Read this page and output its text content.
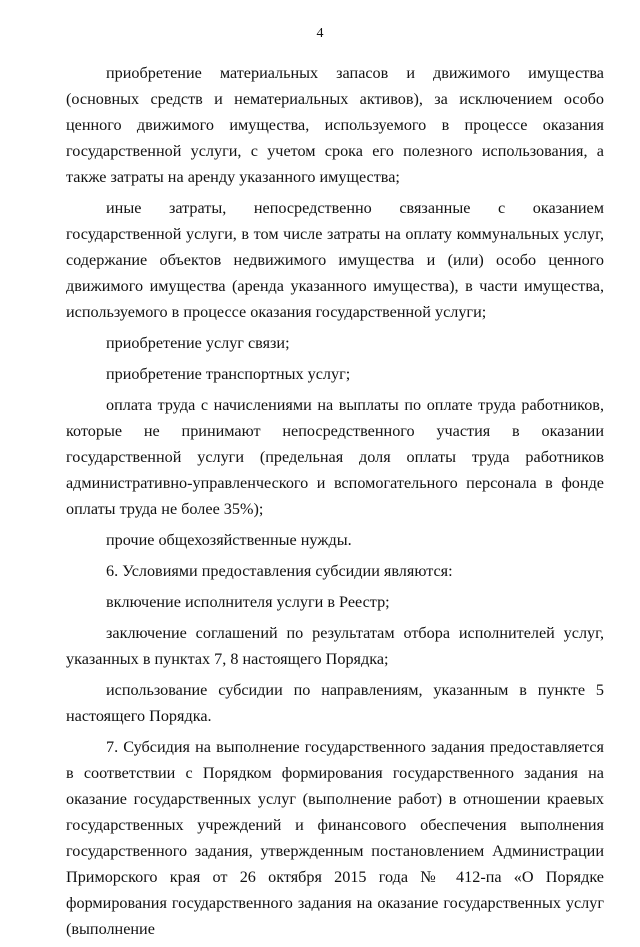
4

приобретение материальных запасов и движимого имущества (основных средств и нематериальных активов), за исключением особо ценного движимого имущества, используемого в процессе оказания государственной услуги, с учетом срока его полезного использования, а также затраты на аренду указанного имущества;

иные затраты, непосредственно связанные с оказанием государственной услуги, в том числе затраты на оплату коммунальных услуг, содержание объектов недвижимого имущества и (или) особо ценного движимого имущества (аренда указанного имущества), в части имущества, используемого в процессе оказания государственной услуги;

приобретение услуг связи;

приобретение транспортных услуг;

оплата труда с начислениями на выплаты по оплате труда работников, которые не принимают непосредственного участия в оказании государственной услуги (предельная доля оплаты труда работников административно-управленческого и вспомогательного персонала в фонде оплаты труда не более 35%);

прочие общехозяйственные нужды.

6. Условиями предоставления субсидии являются:

включение исполнителя услуги в Реестр;

заключение соглашений по результатам отбора исполнителей услуг, указанных в пунктах 7, 8 настоящего Порядка;

использование субсидии по направлениям, указанным в пункте 5 настоящего Порядка.

7. Субсидия на выполнение государственного задания предоставляется в соответствии с Порядком формирования государственного задания на оказание государственных услуг (выполнение работ) в отношении краевых государственных учреждений и финансового обеспечения выполнения государственного задания, утвержденным постановлением Администрации Приморского края от 26 октября 2015 года № 412-па «О Порядке формирования государственного задания на оказание государственных услуг (выполнение
